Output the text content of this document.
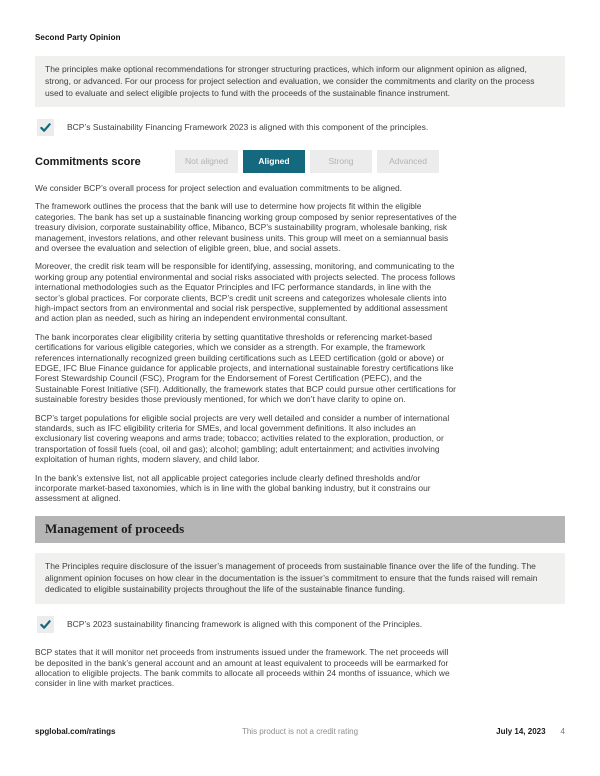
Second Party Opinion

The principles make optional recommendations for stronger structuring practices, which inform our alignment opinion as aligned, strong, or advanced. For our process for project selection and evaluation, we consider the commitments and clarity on the process used to evaluate and select eligible projects to fund with the proceeds of the sustainable finance instrument.

BCP’s Sustainability Financing Framework 2023 is aligned with this component of the principles.
Commitments score	Not aligned	Aligned	Strong	Advanced

We consider BCP’s overall process for project selection and evaluation commitments to be aligned.

The framework outlines the process that the bank will use to determine how projects fit within the eligible categories. The bank has set up a sustainable financing working group composed by senior representatives of the treasury division, corporate sustainability office, Mibanco, BCP’s sustainability program, wholesale banking, risk management, investors relations, and other relevant business units. This group will meet on a semiannual basis and oversee the evaluation and selection of eligible green, blue, and social assets.

Moreover, the credit risk team will be responsible for identifying, assessing, monitoring, and communicating to the working group any potential environmental and social risks associated with projects selected. The process follows international methodologies such as the Equator Principles and IFC performance standards, in line with the sector’s global practices. For corporate clients, BCP’s credit unit screens and categorizes wholesale clients into high-impact sectors from an environmental and social risk perspective, supplemented by additional assessment and action plan as needed, such as hiring an independent environmental consultant.

The bank incorporates clear eligibility criteria by setting quantitative thresholds or referencing market-based certifications for various eligible categories, which we consider as a strength. For example, the framework references internationally recognized green building certifications such as LEED certification (gold or above) or EDGE, IFC Blue Finance guidance for applicable projects, and international sustainable forestry certifications like Forest Stewardship Council (FSC), Program for the Endorsement of Forest Certification (PEFC), and the Sustainable Forest Initiative (SFI). Additionally, the framework states that BCP could pursue other certifications for sustainable forestry besides those previously mentioned, for which we don’t have clarity to opine on.

BCP’s target populations for eligible social projects are very well detailed and consider a number of international standards, such as IFC eligibility criteria for SMEs, and local government definitions. It also includes an exclusionary list covering weapons and arms trade; tobacco; activities related to the exploration, production, or transportation of fossil fuels (coal, oil and gas); alcohol; gambling; adult entertainment; and activities involving exploitation of human rights, modern slavery, and child labor.

In the bank’s extensive list, not all applicable project categories include clearly defined thresholds and/or incorporate market-based taxonomies, which is in line with the global banking industry, but it constrains our assessment at aligned.

Management of proceeds

The Principles require disclosure of the issuer’s management of proceeds from sustainable finance over the life of the funding. The alignment opinion focuses on how clear in the documentation is the issuer’s commitment to ensure that the funds raised will remain dedicated to eligible sustainability projects throughout the life of the sustainable finance funding.

BCP’s 2023 sustainability financing framework is aligned with this component of the Principles.

BCP states that it will monitor net proceeds from instruments issued under the framework. The net proceeds will be deposited in the bank’s general account and an amount at least equivalent to proceeds will be earmarked for allocation to eligible projects. The bank commits to allocate all proceeds within 24 months of issuance, which we consider in line with market practices.

spglobal.com/ratings	This product is not a credit rating	July 14, 2023 4
